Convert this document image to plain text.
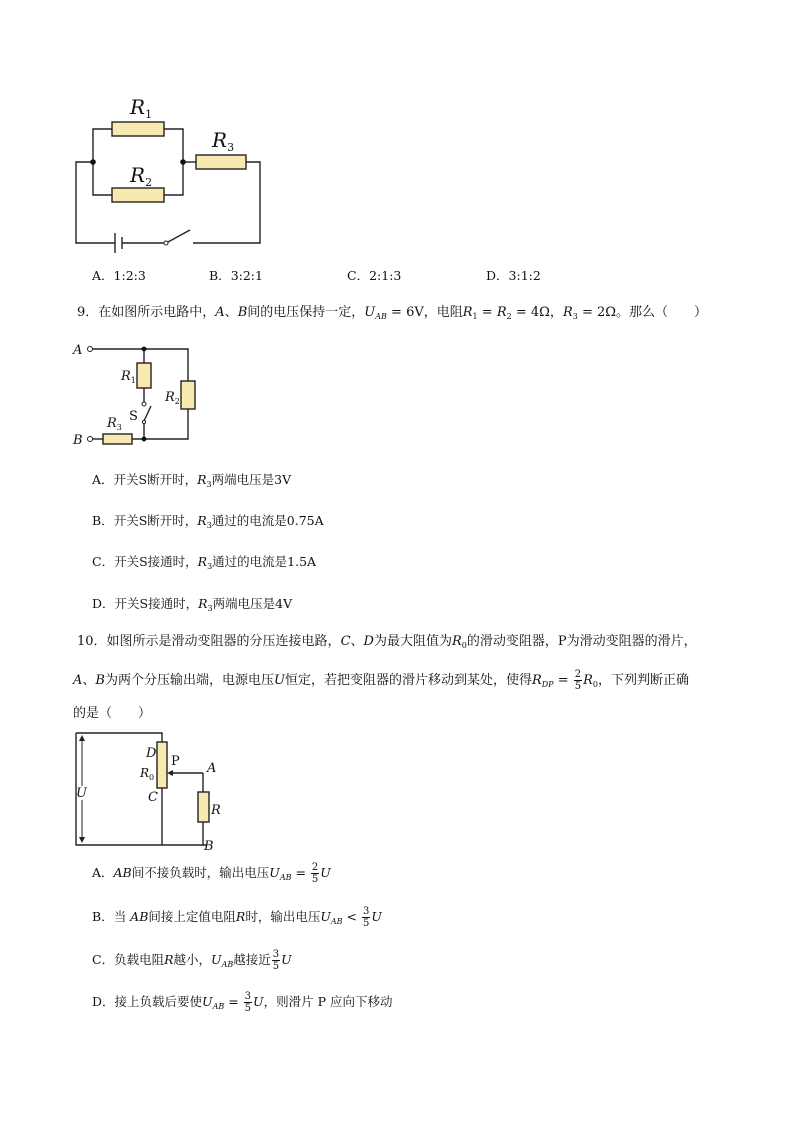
$R_1$
$R_2$
$R_3$
A．1:2:3	B．3:2:1	C．2:1:3	D．3:1:2
9．在如图所示电路中，A、B间的电压保持一定，$U_{AB} = 6V$，电阻$R_1 = R_2 = 4\Omega$，$R_3 = 2\Omega$。那么（　　）
A
B
$R_1$
$R_2$
$R_3$
S
A．开关S断开时，$R_3$两端电压是3V
B．开关S断开时，$R_3$通过的电流是0.75A
C．开关S接通时，$R_3$通过的电流是1.5A
D．开关S接通时，$R_3$两端电压是4V
10．如图所示是滑动变阻器的分压连接电路，C、D为最大阻值为$R_0$的滑动变阻器，P为滑动变阻器的滑片，
A、B为两个分压输出端，电源电压U恒定，若把变阻器的滑片移动到某处，使得$R_{DP} = \frac{2}{5} R_0$，下列判断正确
的是（　　）
U
D
P
$R_0$
C
A
R
B
A．AB间不接负载时，输出电压$U_{AB} = \frac{2}{5}$ U
B．当 AB间接上定值电阻R时，输出电压$U_{AB} < \frac{3}{5}$ U
C．负载电阻R越小，$U_{AB}$越接近 $\frac{3}{5}$ U
D．接上负载后要使$U_{AB} = \frac{3}{5}$ U，则滑片 P 应向下移动
